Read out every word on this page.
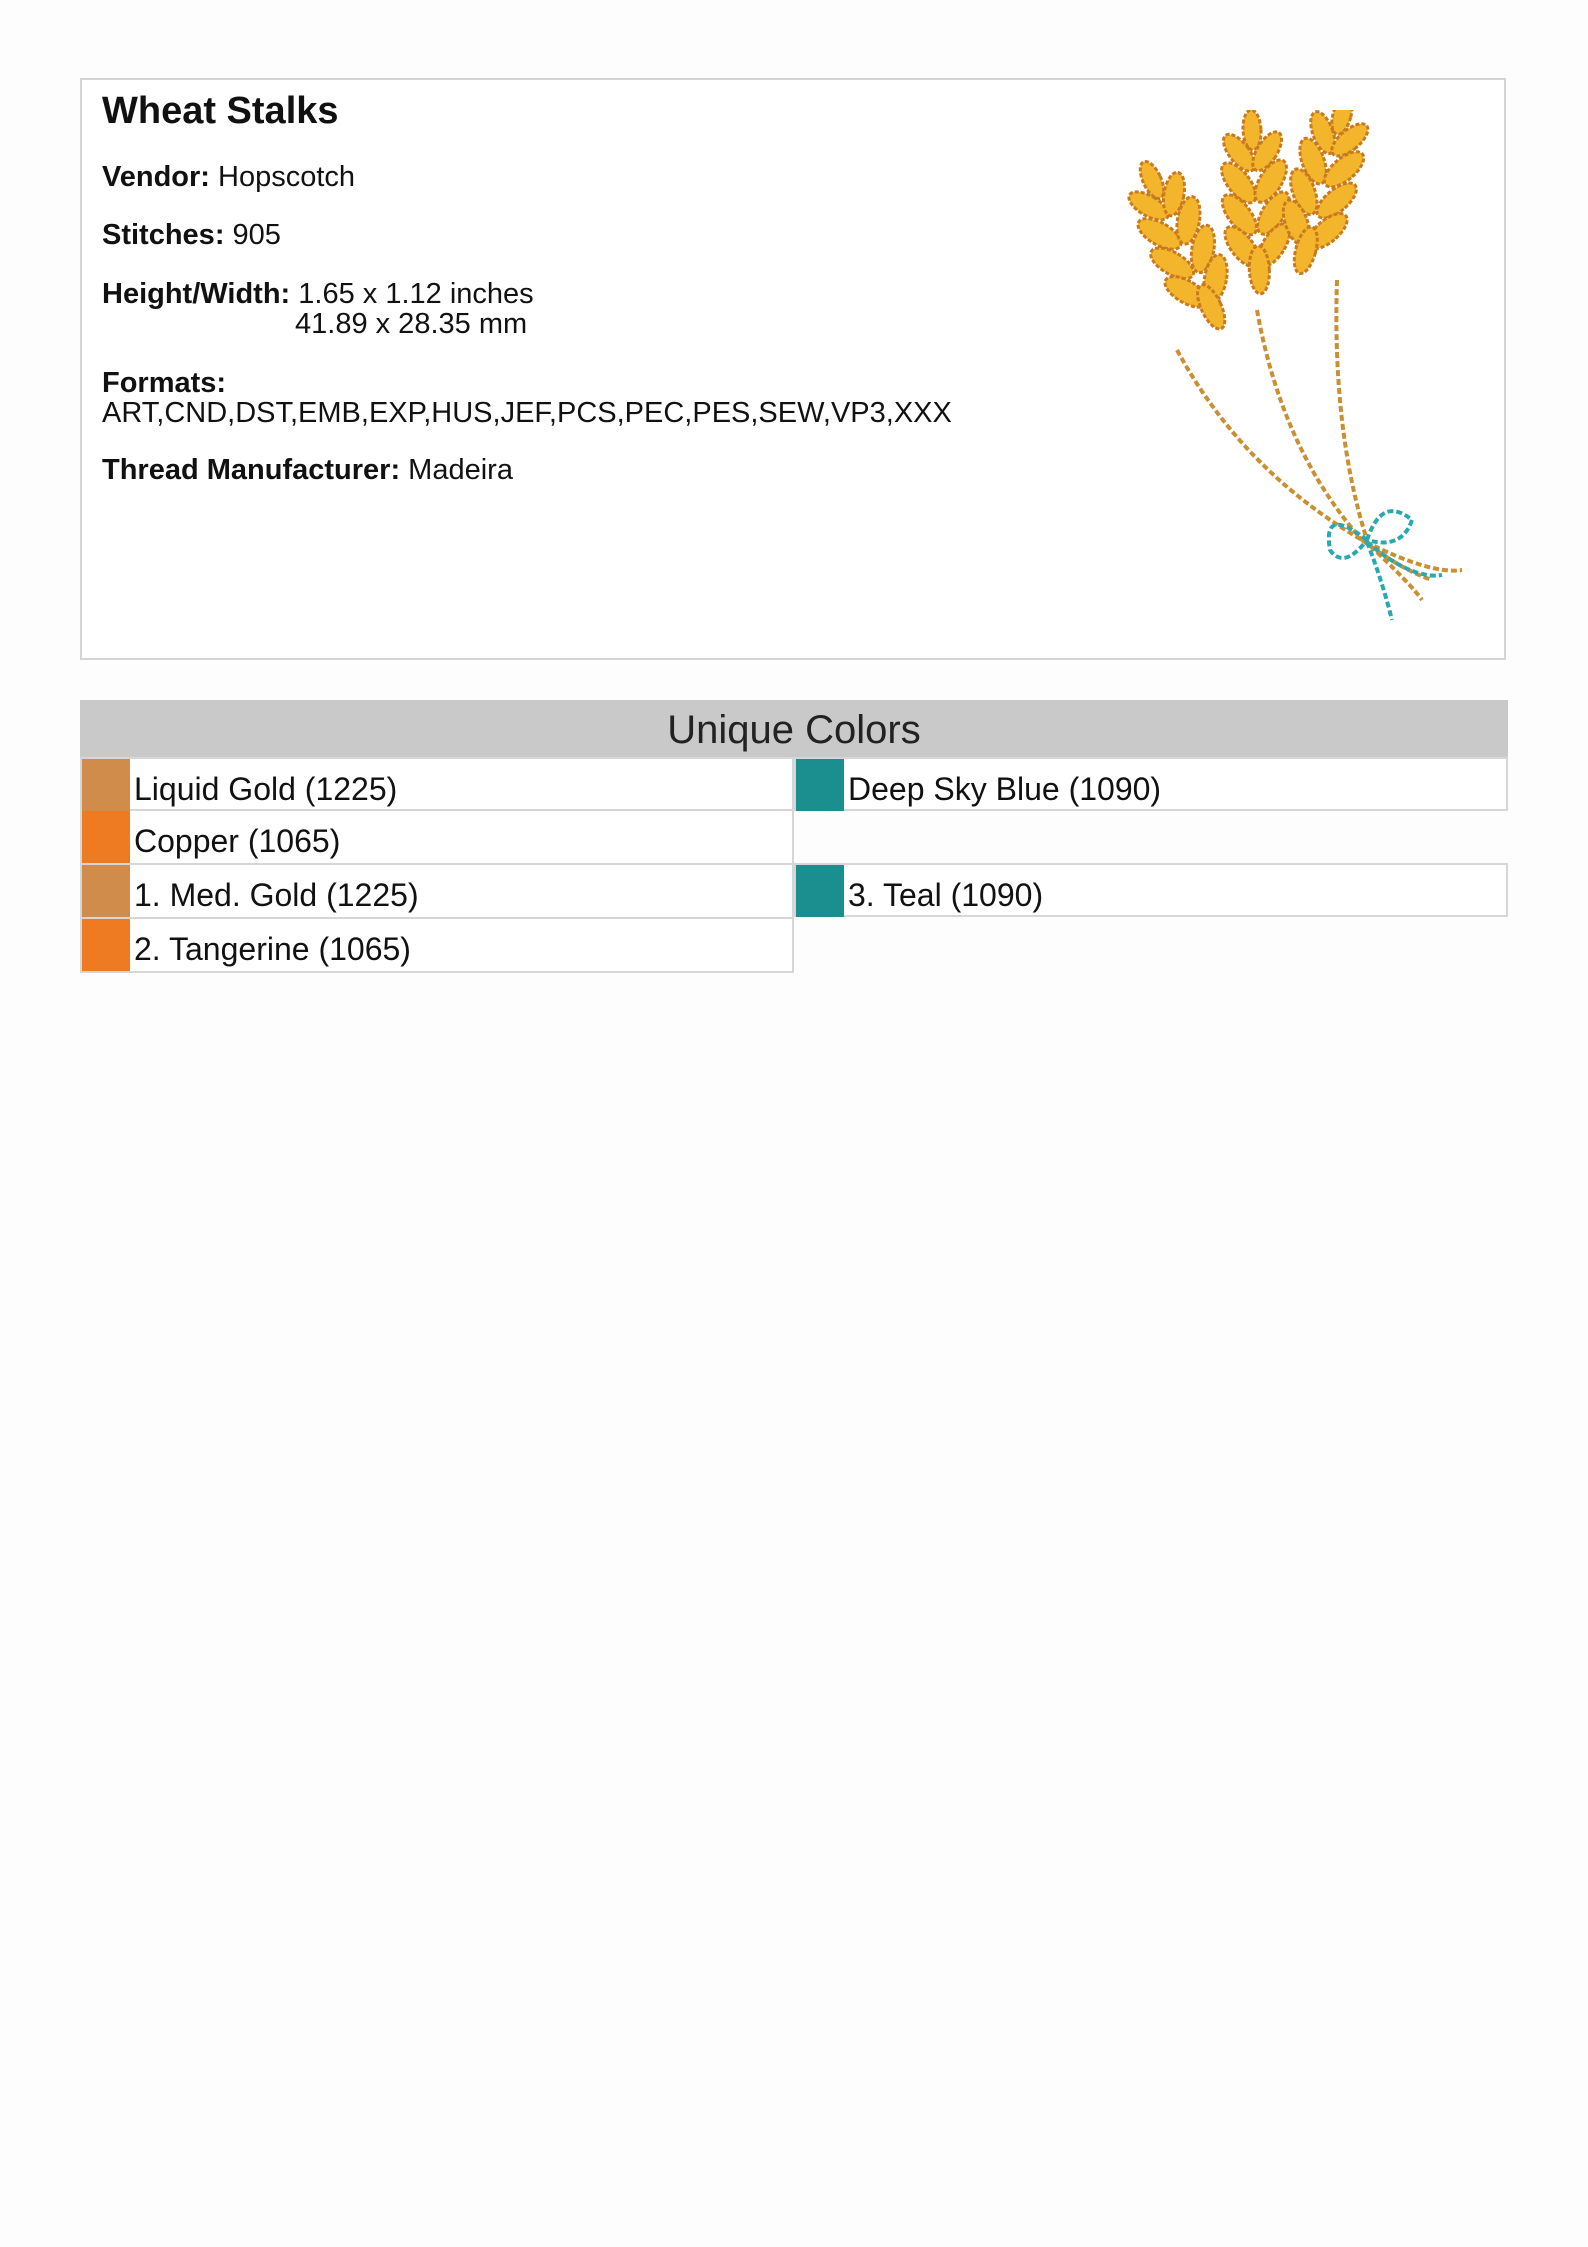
Wheat Stalks
Vendor: Hopscotch
Stitches: 905
Height/Width: 1.65 x 1.12 inches
41.89 x 28.35 mm
Formats:
ART,CND,DST,EMB,EXP,HUS,JEF,PCS,PEC,PES,SEW,VP3,XXX
Thread Manufacturer: Madeira
Unique Colors
Liquid Gold (1225)
Copper (1065)
1. Med. Gold (1225)
2. Tangerine (1065)
Deep Sky Blue (1090)
3. Teal (1090)
